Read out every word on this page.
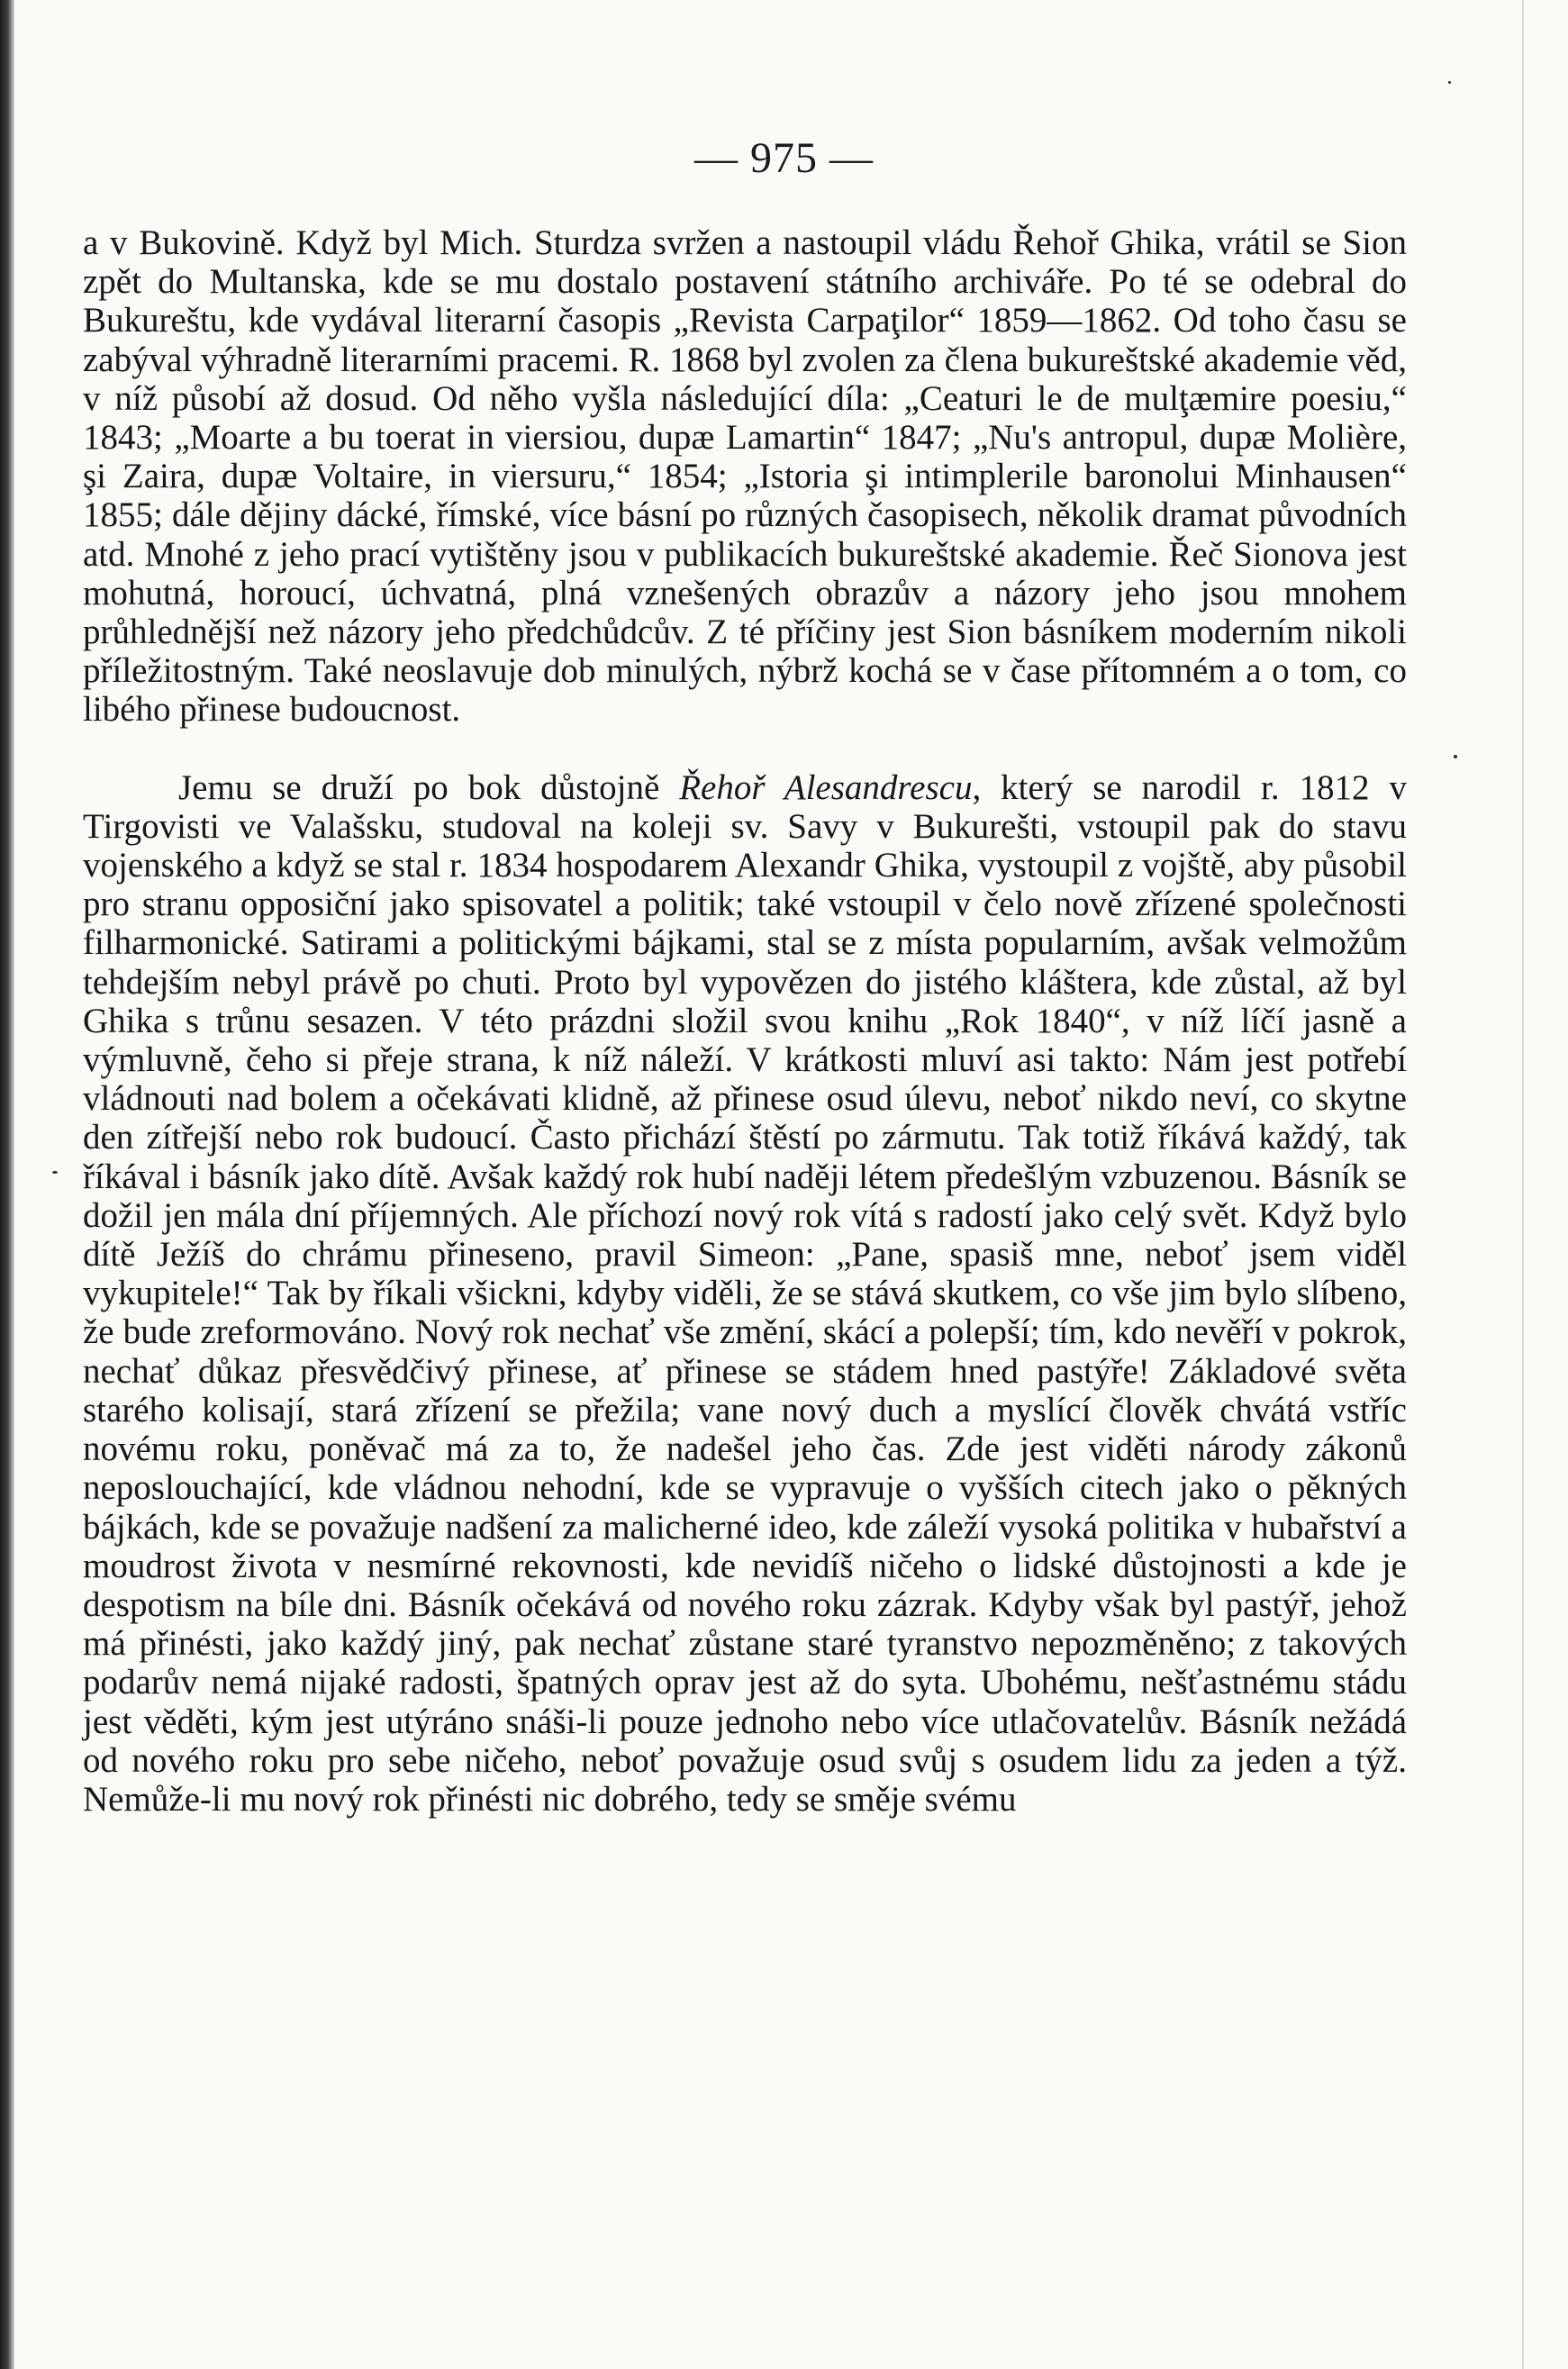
— 975 —

a v Bukovině. Když byl Mich. Sturdza svržen a nastoupil vládu Řehoř Ghika, vrátil se Sion zpět do Multanska, kde se mu dostalo postavení státního archiváře. Po té se odebral do Bukureštu, kde vydával literarní časopis „Revista Carpaţilor“ 1859—1862. Od toho času se zabýval výhradně literarními pracemi. R. 1868 byl zvolen za člena bukureštské akademie věd, v níž působí až dosud. Od něho vyšla následující díla: „Ceaturi le de mulţæmire poesiu,“ 1843; „Moarte a bu toerat in viersiou, dupæ Lamartin“ 1847; „Nu's antropul, dupæ Molière, şi Zaira, dupæ Voltaire, in viersuru,“ 1854; „Istoria şi intimplerile baronolui Minhausen“ 1855; dále dějiny dácké, římské, více básní po různých časopisech, několik dramat původních atd. Mnohé z jeho prací vytištěny jsou v publikacích bukureštské akademie. Řeč Sionova jest mohutná, horoucí, úchvatná, plná vznešených obrazův a názory jeho jsou mnohem průhlednější než názory jeho předchůdcův. Z té příčiny jest Sion básníkem moderním nikoli příležitostným. Také neoslavuje dob minulých, nýbrž kochá se v čase přítomném a o tom, co libého přinese budoucnost.

Jemu se druží po bok důstojně Řehoř Alesandrescu, který se narodil r. 1812 v Tirgovisti ve Valašsku, studoval na koleji sv. Savy v Bukurešti, vstoupil pak do stavu vojenského a když se stal r. 1834 hospodarem Alexandr Ghika, vystoupil z vojště, aby působil pro stranu opposiční jako spisovatel a politik; také vstoupil v čelo nově zřízené společnosti filharmonické. Satirami a politickými bájkami, stal se z místa popularním, avšak velmožům tehdejším nebyl právě po chuti. Proto byl vypovězen do jistého kláštera, kde zůstal, až byl Ghika s trůnu sesazen. V této prázdni složil svou knihu „Rok 1840“, v níž líčí jasně a výmluvně, čeho si přeje strana, k níž náleží. V krátkosti mluví asi takto: Nám jest potřebí vládnouti nad bolem a očekávati klidně, až přinese osud úlevu, neboť nikdo neví, co skytne den zítřejší nebo rok budoucí. Často přichází štěstí po zármutu. Tak totiž říkává každý, tak říkával i básník jako dítě. Avšak každý rok hubí naději létem předešlým vzbuzenou. Básník se dožil jen mála dní příjemných. Ale příchozí nový rok vítá s radostí jako celý svět. Když bylo dítě Ježíš do chrámu přineseno, pravil Simeon: „Pane, spasiš mne, neboť jsem viděl vykupitele!“ Tak by říkali všickni, kdyby viděli, že se stává skutkem, co vše jim bylo slíbeno, že bude zreformováno. Nový rok nechať vše změní, skácí a polepší; tím, kdo nevěří v pokrok, nechať důkaz přesvědčivý přinese, ať přinese se stádem hned pastýře! Základové světa starého kolisají, stará zřízení se přežila; vane nový duch a myslící člověk chvátá vstříc novému roku, poněvač má za to, že nadešel jeho čas. Zde jest viděti národy zákonů neposlouchající, kde vládnou nehodní, kde se vypravuje o vyšších citech jako o pěkných bájkách, kde se považuje nadšení za malicherné ideo, kde záleží vysoká politika v hubařství a moudrost života v nesmírné rekovnosti, kde nevidíš ničeho o lidské důstojnosti a kde je despotism na bíle dni. Básník očekává od nového roku zázrak. Kdyby však byl pastýř, jehož má přinésti, jako každý jiný, pak nechať zůstane staré tyranstvo nepozměněno; z takových podarův nemá nijaké radosti, špatných oprav jest až do syta. Ubohému, nešťastnému stádu jest věděti, kým jest utýráno snáši-li pouze jednoho nebo více utlačovatelův. Básník nežádá od nového roku pro sebe ničeho, neboť považuje osud svůj s osudem lidu za jeden a týž. Nemůže-li mu nový rok přinésti nic dobrého, tedy se směje svému
